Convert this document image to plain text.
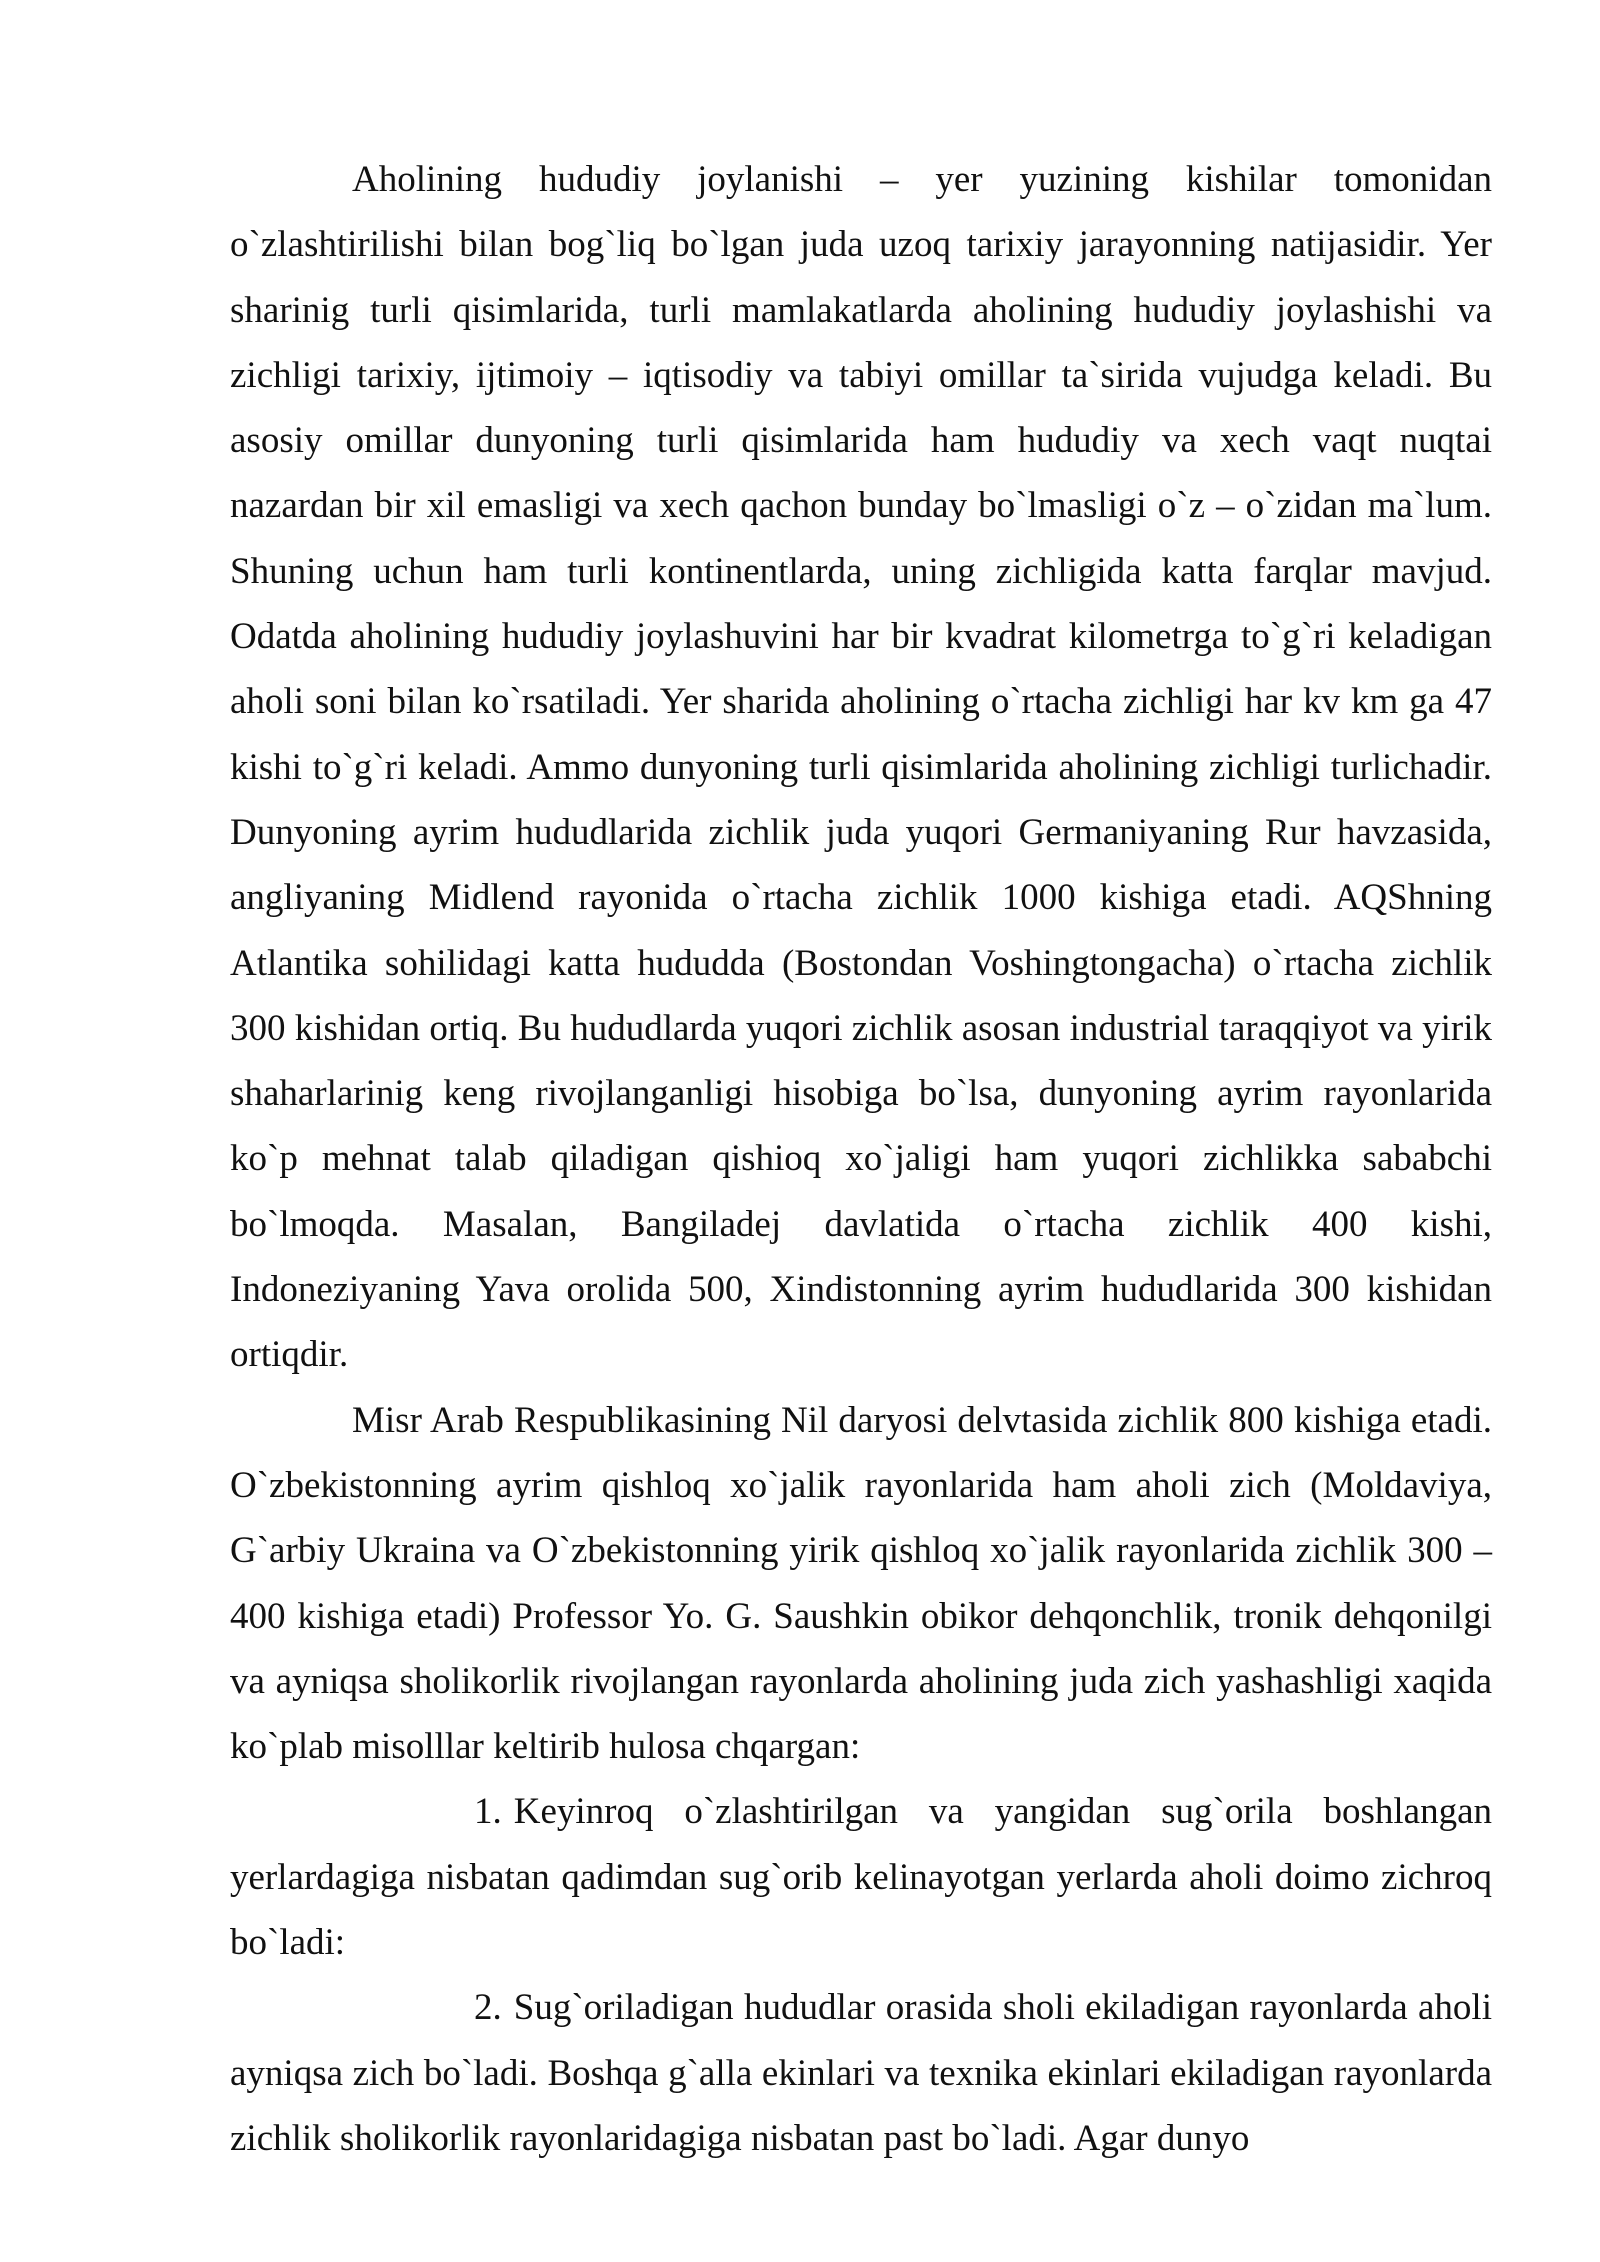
Aholining hududiy joylanishi – yer yuzining kishilar tomonidan o`zlashtirilishi bilan bog`liq bo`lgan juda uzoq tarixiy jarayonning natijasidir. Yer sharinig turli qisimlarida, turli mamlakatlarda aholining hududiy joylashishi va zichligi tarixiy, ijtimoiy – iqtisodiy va tabiyi omillar ta`sirida vujudga keladi. Bu asosiy omillar dunyoning turli qisimlarida ham hududiy va xech vaqt nuqtai nazardan bir xil emasligi va xech qachon bunday bo`lmasligi o`z – o`zidan ma`lum. Shuning uchun ham turli kontinentlarda, uning zichligida katta farqlar mavjud. Odatda aholining hududiy joylashuvini har bir kvadrat kilometrga to`g`ri keladigan aholi soni bilan ko`rsatiladi. Yer sharida aholining o`rtacha zichligi har kv km ga 47 kishi to`g`ri keladi. Ammo dunyoning turli qisimlarida aholining zichligi turlichadir. Dunyoning ayrim hududlarida zichlik juda yuqori Germaniyaning Rur havzasida, angliyaning Midlend rayonida o`rtacha zichlik 1000 kishiga etadi. AQShning Atlantika sohilidagi katta hududda (Bostondan Voshingtongacha) o`rtacha zichlik 300 kishidan ortiq. Bu hududlarda yuqori zichlik asosan industrial taraqqiyot va yirik shaharlarinig keng rivojlanganligi hisobiga bo`lsa, dunyoning ayrim rayonlarida ko`p mehnat talab qiladigan qishioq xo`jaligi ham yuqori zichlikka sababchi bo`lmoqda. Masalan, Bangiladej davlatida o`rtacha zichlik 400 kishi, Indoneziyaning Yava orolida 500, Xindistonning ayrim hududlarida 300 kishidan ortiqdir.

Misr Arab Respublikasining Nil daryosi delvtasida zichlik 800 kishiga etadi. O`zbekistonning ayrim qishloq xo`jalik rayonlarida ham aholi zich (Moldaviya, G`arbiy Ukraina va O`zbekistonning yirik qishloq xo`jalik rayonlarida zichlik 300 – 400 kishiga etadi) Professor Yo. G. Saushkin obikor dehqonchlik, tronik dehqonilgi va ayniqsa sholikorlik rivojlangan rayonlarda aholining juda zich yashashligi xaqida ko`plab misolllar keltirib hulosa chqargan:

1. Keyinroq o`zlashtirilgan va yangidan sug`orila boshlangan yerlardagiga nisbatan qadimdan sug`orib kelinayotgan yerlarda aholi doimo zichroq bo`ladi:

2. Sug`oriladigan hududlar orasida sholi ekiladigan rayonlarda aholi ayniqsa zich bo`ladi. Boshqa g`alla ekinlari va texnika ekinlari ekiladigan rayonlarda zichlik sholikorlik rayonlaridagiga nisbatan past bo`ladi. Agar dunyo
